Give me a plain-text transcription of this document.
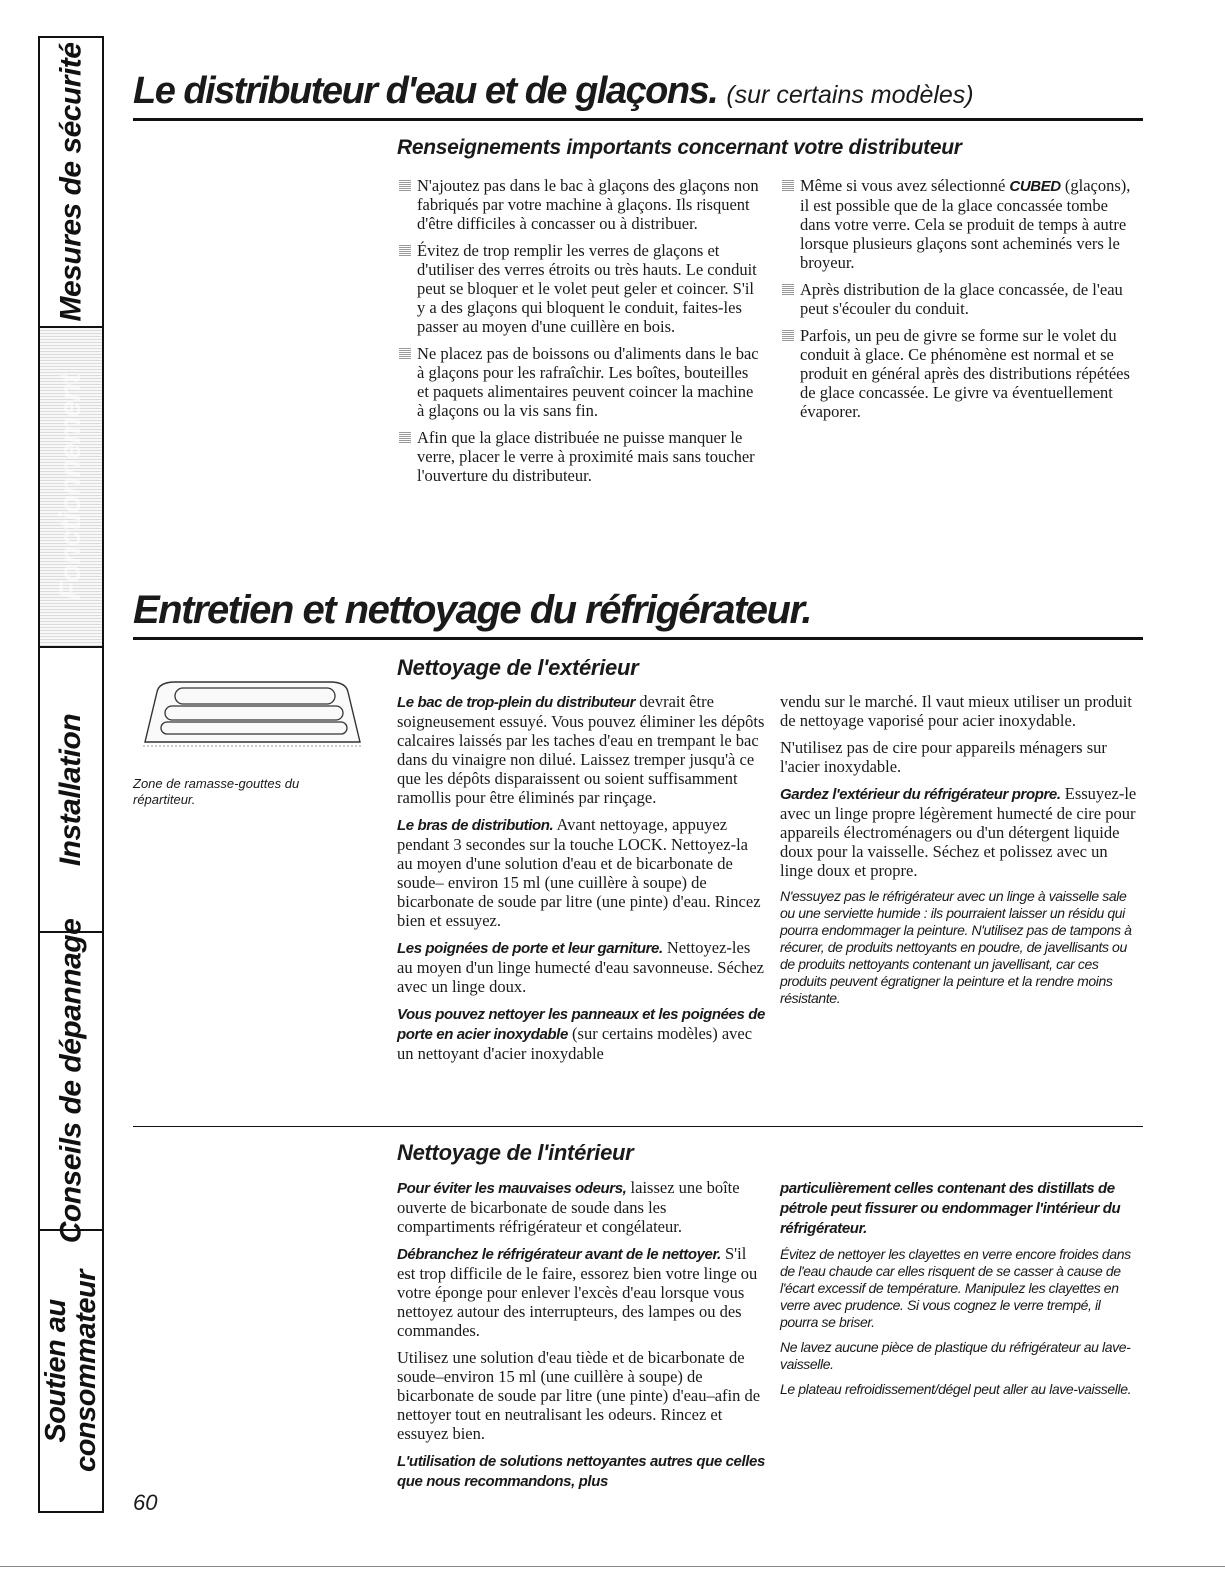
Mesures de sécurité
Fonctionnement
Installation
Conseils de dépannage
Soutien au consommateur
Le distributeur d'eau et de glaçons. (sur certains modèles)
Renseignements importants concernant votre distributeur
N'ajoutez pas dans le bac à glaçons des glaçons non fabriqués par votre machine à glaçons. Ils risquent d'être difficiles à concasser ou à distribuer.
Évitez de trop remplir les verres de glaçons et d'utiliser des verres étroits ou très hauts. Le conduit peut se bloquer et le volet peut geler et coincer. S'il y a des glaçons qui bloquent le conduit, faites-les passer au moyen d'une cuillère en bois.
Ne placez pas de boissons ou d'aliments dans le bac à glaçons pour les rafraîchir. Les boîtes, bouteilles et paquets alimentaires peuvent coincer la machine à glaçons ou la vis sans fin.
Afin que la glace distribuée ne puisse manquer le verre, placer le verre à proximité mais sans toucher l'ouverture du distributeur.
Même si vous avez sélectionné CUBED (glaçons), il est possible que de la glace concassée tombe dans votre verre. Cela se produit de temps à autre lorsque plusieurs glaçons sont acheminés vers le broyeur.
Après distribution de la glace concassée, de l'eau peut s'écouler du conduit.
Parfois, un peu de givre se forme sur le volet du conduit à glace. Ce phénomène est normal et se produit en général après des distributions répétées de glace concassée. Le givre va éventuellement évaporer.
Entretien et nettoyage du réfrigérateur.
Zone de ramasse-gouttes du répartiteur.
Nettoyage de l'extérieur

Le bac de trop-plein du distributeur devrait être soigneusement essuyé. Vous pouvez éliminer les dépôts calcaires laissés par les taches d'eau en trempant le bac dans du vinaigre non dilué. Laissez tremper jusqu'à ce que les dépôts disparaissent ou soient suffisamment ramollis pour être éliminés par rinçage.

Le bras de distribution. Avant nettoyage, appuyez pendant 3 secondes sur la touche LOCK. Nettoyez-la au moyen d'une solution d'eau et de bicarbonate de soude– environ 15 ml (une cuillère à soupe) de bicarbonate de soude par litre (une pinte) d'eau. Rincez bien et essuyez.

Les poignées de porte et leur garniture. Nettoyez-les au moyen d'un linge humecté d'eau savonneuse. Séchez avec un linge doux.

Vous pouvez nettoyer les panneaux et les poignées de porte en acier inoxydable (sur certains modèles) avec un nettoyant d'acier inoxydable

vendu sur le marché. Il vaut mieux utiliser un produit de nettoyage vaporisé pour acier inoxydable.

N'utilisez pas de cire pour appareils ménagers sur l'acier inoxydable.

Gardez l'extérieur du réfrigérateur propre. Essuyez-le avec un linge propre légèrement humecté de cire pour appareils électroménagers ou d'un détergent liquide doux pour la vaisselle. Séchez et polissez avec un linge doux et propre.

N'essuyez pas le réfrigérateur avec un linge à vaisselle sale ou une serviette humide : ils pourraient laisser un résidu qui pourra endommager la peinture. N'utilisez pas de tampons à récurer, de produits nettoyants en poudre, de javellisants ou de produits nettoyants contenant un javellisant, car ces produits peuvent égratigner la peinture et la rendre moins résistante.

Nettoyage de l'intérieur

Pour éviter les mauvaises odeurs, laissez une boîte ouverte de bicarbonate de soude dans les compartiments réfrigérateur et congélateur.

Débranchez le réfrigérateur avant de le nettoyer. S'il est trop difficile de le faire, essorez bien votre linge ou votre éponge pour enlever l'excès d'eau lorsque vous nettoyez autour des interrupteurs, des lampes ou des commandes.

Utilisez une solution d'eau tiède et de bicarbonate de soude–environ 15 ml (une cuillère à soupe) de bicarbonate de soude par litre (une pinte) d'eau–afin de nettoyer tout en neutralisant les odeurs. Rincez et essuyez bien.

L'utilisation de solutions nettoyantes autres que celles que nous recommandons, plus

particulièrement celles contenant des distillats de pétrole peut fissurer ou endommager l'intérieur du réfrigérateur.

Évitez de nettoyer les clayettes en verre encore froides dans de l'eau chaude car elles risquent de se casser à cause de l'écart excessif de température. Manipulez les clayettes en verre avec prudence. Si vous cognez le verre trempé, il pourra se briser.

Ne lavez aucune pièce de plastique du réfrigérateur au lave-vaisselle.

Le plateau refroidissement/dégel peut aller au lave-vaisselle.

60
